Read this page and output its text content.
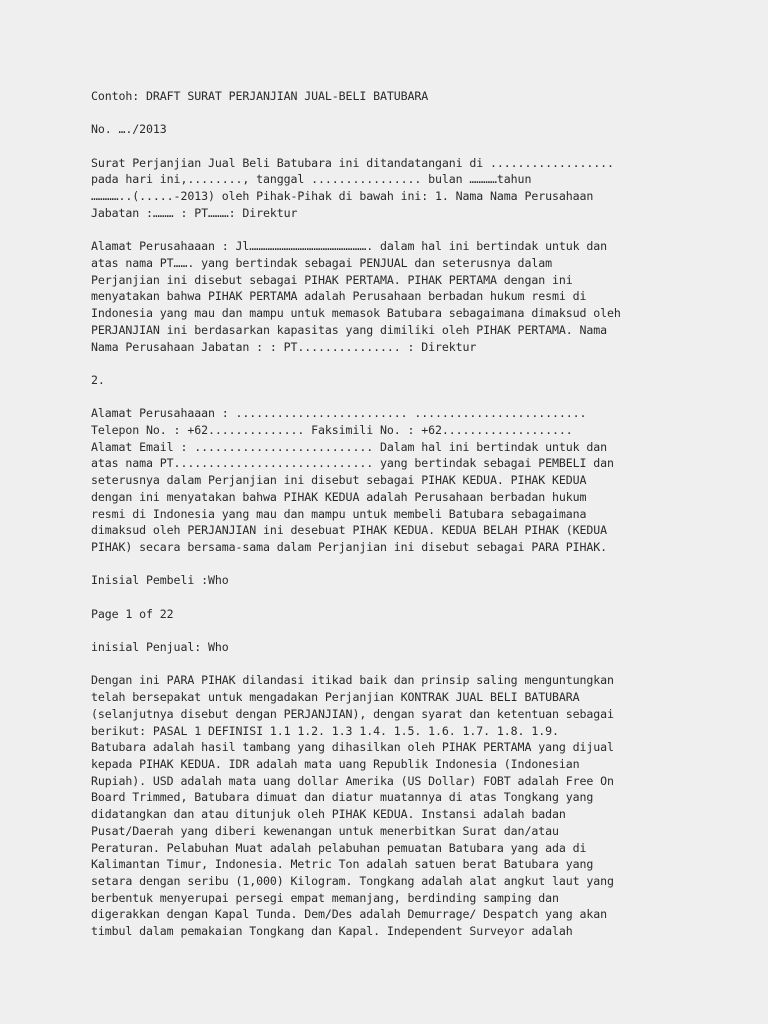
Contoh: DRAFT SURAT PERJANJIAN JUAL-BELI BATUBARA

No. …./2013

Surat Perjanjian Jual Beli Batubara ini ditandatangani di ..................
pada hari ini,........, tanggal ................ bulan …………tahun
…………..(.....-2013) oleh Pihak-Pihak di bawah ini: 1. Nama Nama Perusahaan
Jabatan :……… : PT………: Direktur

Alamat Perusahaaan : Jl……………………………………………. dalam hal ini bertindak untuk dan
atas nama PT……. yang bertindak sebagai PENJUAL dan seterusnya dalam
Perjanjian ini disebut sebagai PIHAK PERTAMA. PIHAK PERTAMA dengan ini
menyatakan bahwa PIHAK PERTAMA adalah Perusahaan berbadan hukum resmi di
Indonesia yang mau dan mampu untuk memasok Batubara sebagaimana dimaksud oleh
PERJANJIAN ini berdasarkan kapasitas yang dimiliki oleh PIHAK PERTAMA. Nama
Nama Perusahaan Jabatan : : PT............... : Direktur

2.

Alamat Perusahaaan : ......................... .........................
Telepon No. : +62.............. Faksimili No. : +62...................
Alamat Email : .......................... Dalam hal ini bertindak untuk dan
atas nama PT............................. yang bertindak sebagai PEMBELI dan
seterusnya dalam Perjanjian ini disebut sebagai PIHAK KEDUA. PIHAK KEDUA
dengan ini menyatakan bahwa PIHAK KEDUA adalah Perusahaan berbadan hukum
resmi di Indonesia yang mau dan mampu untuk membeli Batubara sebagaimana
dimaksud oleh PERJANJIAN ini desebuat PIHAK KEDUA. KEDUA BELAH PIHAK (KEDUA
PIHAK) secara bersama-sama dalam Perjanjian ini disebut sebagai PARA PIHAK.

Inisial Pembeli :Who

Page 1 of 22

inisial Penjual: Who

Dengan ini PARA PIHAK dilandasi itikad baik dan prinsip saling menguntungkan
telah bersepakat untuk mengadakan Perjanjian KONTRAK JUAL BELI BATUBARA
(selanjutnya disebut dengan PERJANJIAN), dengan syarat dan ketentuan sebagai
berikut: PASAL 1 DEFINISI 1.1 1.2. 1.3 1.4. 1.5. 1.6. 1.7. 1.8. 1.9.
Batubara adalah hasil tambang yang dihasilkan oleh PIHAK PERTAMA yang dijual
kepada PIHAK KEDUA. IDR adalah mata uang Republik Indonesia (Indonesian
Rupiah). USD adalah mata uang dollar Amerika (US Dollar) FOBT adalah Free On
Board Trimmed, Batubara dimuat dan diatur muatannya di atas Tongkang yang
didatangkan dan atau ditunjuk oleh PIHAK KEDUA. Instansi adalah badan
Pusat/Daerah yang diberi kewenangan untuk menerbitkan Surat dan/atau
Peraturan. Pelabuhan Muat adalah pelabuhan pemuatan Batubara yang ada di
Kalimantan Timur, Indonesia. Metric Ton adalah satuen berat Batubara yang
setara dengan seribu (1,000) Kilogram. Tongkang adalah alat angkut laut yang
berbentuk menyerupai persegi empat memanjang, berdinding samping dan
digerakkan dengan Kapal Tunda. Dem/Des adalah Demurrage/ Despatch yang akan
timbul dalam pemakaian Tongkang dan Kapal. Independent Surveyor adalah
